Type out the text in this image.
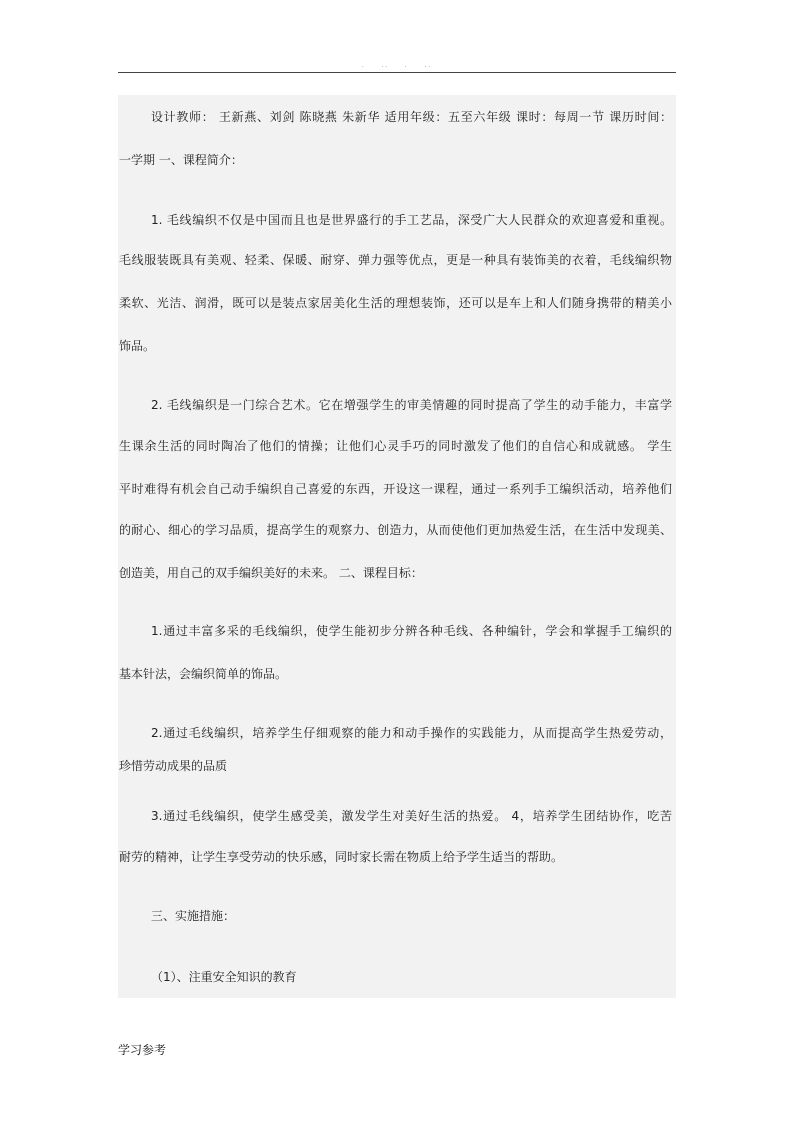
.    ..    .    ..
设计教师： 王新燕、刘剑 陈晓燕 朱新华 适用年级：五至六年级 课时：每周一节 课历时间：
一学期 一、课程简介：
1. 毛线编织不仅是中国而且也是世界盛行的手工艺品，深受广大人民群众的欢迎喜爱和重视。
毛线服装既具有美观、轻柔、保暖、耐穿、弹力强等优点，更是一种具有装饰美的衣着，毛线编织物
柔软、光洁、润滑，既可以是装点家居美化生活的理想装饰，还可以是车上和人们随身携带的精美小
饰品。
2. 毛线编织是一门综合艺术。它在增强学生的审美情趣的同时提高了学生的动手能力，丰富学
生课余生活的同时陶冶了他们的情操；让他们心灵手巧的同时激发了他们的自信心和成就感。 学生
平时难得有机会自己动手编织自己喜爱的东西，开设这一课程，通过一系列手工编织活动，培养他们
的耐心、细心的学习品质，提高学生的观察力、创造力，从而使他们更加热爱生活，在生活中发现美、
创造美，用自己的双手编织美好的未来。 二、课程目标：
1.通过丰富多采的毛线编织，使学生能初步分辨各种毛线、各种编针，学会和掌握手工编织的
基本针法，会编织简单的饰品。
2.通过毛线编织，培养学生仔细观察的能力和动手操作的实践能力，从而提高学生热爱劳动，
珍惜劳动成果的品质
3.通过毛线编织，使学生感受美，激发学生对美好生活的热爱。 4，培养学生团结协作，吃苦
耐劳的精神，让学生享受劳动的快乐感，同时家长需在物质上给予学生适当的帮助。
三、实施措施：
（1）、注重安全知识的教育
学习参考
